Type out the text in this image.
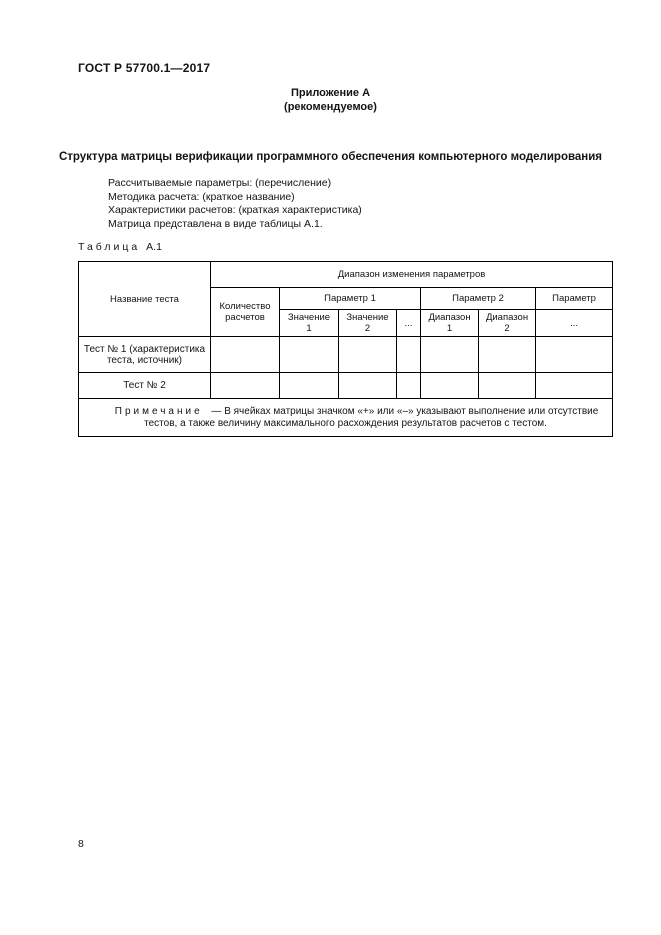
ГОСТ Р 57700.1—2017
Приложение А
(рекомендуемое)
Структура матрицы верификации программного обеспечения компьютерного моделирования

Рассчитываемые параметры: (перечисление)

Методика расчета: (краткое название)

Характеристики расчетов: (краткая характеристика)

Матрица представлена в виде таблицы А.1.

Таблица А.1
Название теста	Диапазон изменения параметров						
	Количество расчетов	Параметр 1			Параметр 2		Параметр
		Значение 1	Значение 2	...	Диапазон 1	Диапазон 2	...
Тест № 1 (характеристика теста, источник)							
Тест № 2							

Примечание — В ячейках матрицы значком «+» или «–» указывают выполнение или отсутствие тестов, а также величину максимального расхождения результатов расчетов с тестом.							

8
